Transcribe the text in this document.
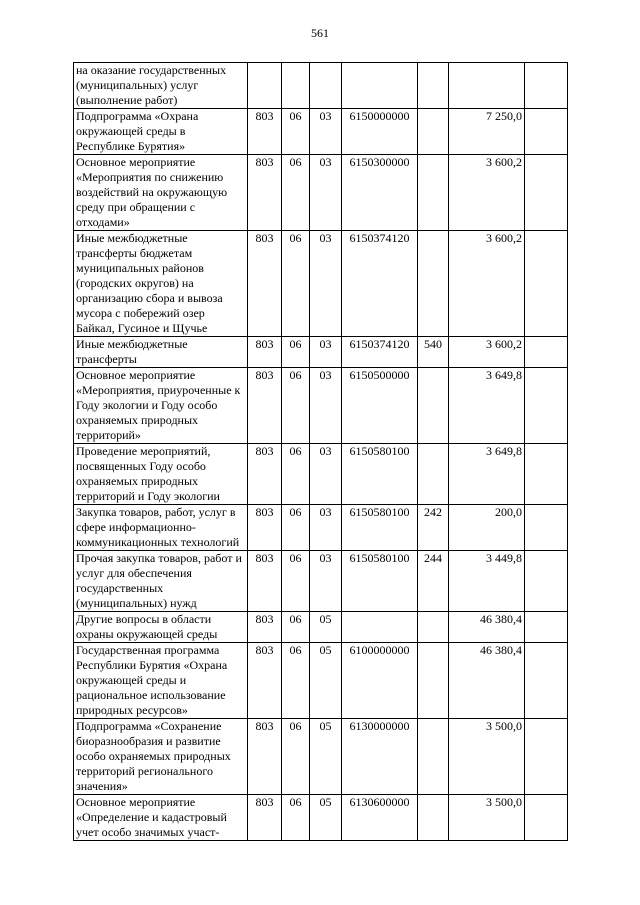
561
на оказание государственных (муниципальных) услуг (выполнение работ)							
Подпрограмма «Охрана окружающей среды в Республике Бурятия»	803	06	03	6150000000		7 250,0	
Основное мероприятие «Мероприятия по снижению воздействий на окружающую среду при обращении с отходами»	803	06	03	6150300000		3 600,2	
Иные межбюджетные трансферты бюджетам муниципальных районов (городских округов) на организацию сбора и вывоза мусора с побережий озер Байкал, Гусиное и Щучье	803	06	03	6150374120		3 600,2	
Иные межбюджетные трансферты	803	06	03	6150374120	540	3 600,2	
Основное мероприятие «Мероприятия, приуроченные к Году экологии и Году особо охраняемых природных территорий»	803	06	03	6150500000		3 649,8	
Проведение мероприятий, посвященных Году особо охраняемых природных территорий и Году экологии	803	06	03	6150580100		3 649,8	
Закупка товаров, работ, услуг в сфере информационно-коммуникационных технологий	803	06	03	6150580100	242	200,0	
Прочая закупка товаров, работ и услуг для обеспечения государственных (муниципальных) нужд	803	06	03	6150580100	244	3 449,8	
Другие вопросы в области охраны окружающей среды	803	06	05			46 380,4	
Государственная программа Республики Бурятия «Охрана окружающей среды и рациональное использование природных ресурсов»	803	06	05	6100000000		46 380,4	
Подпрограмма «Сохранение биоразнообразия и развитие особо охраняемых природных территорий регионального значения»	803	06	05	6130000000		3 500,0	
Основное мероприятие «Определение и кадастровый учет особо значимых участ-	803	06	05	6130600000		3 500,0	
